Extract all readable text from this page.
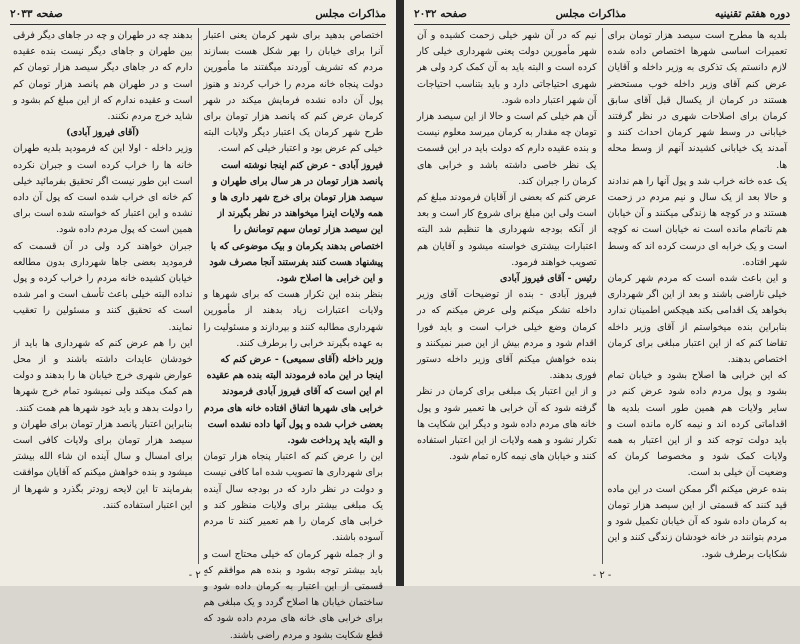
مذاکرات مجلس
صفحه ۲۰۳۳

اختصاص بدهید برای شهر کرمان یعنی اعتبار آنرا برای خیابان را بهر شکل هست بسازند مردم که تشریف آوردند میگفتند ما مأمورین دولت پنجاه خانه مردم را خراب کردند و هنوز پول آن داده نشده فرمایش میکند در شهر کرمان عرض کنم که پانصد هزار تومان برای طرح شهر کرمان یک اعتبار دیگر ولایات البته خیلی کم عرض بود و اعتبار خیلی کم است.

فیروز آبادی - عرض کنم اینجا نوشته است پانصد هزار تومان در هر سال برای طهران و سیصد هزار تومان برای خرج شهر داری ها و همه ولایات اینرا میخواهند در نظر بگیرند از این سیصد هزار تومان سهم تومانش را اختصاص بدهند بکرمان و بیک موضوعی که با پیشنهاد هست کنند بفرستند آنجا مصرف شود و این خرابی ها اصلاح شود.

بنظر بنده این تکرار هست که برای شهرها و ولایات اعتبارات زیاد بدهند از مأمورین شهرداری مطالبه کنند و بپردازند و مسئولیت را به عهده بگیرند خرابی را برطرف کنند.

وزیر داخله (آقای سمیعی) - عرض کنم که اینجا در این ماده فرمودند البته بنده هم عقیده ام این است که آقای فیروز آبادی فرمودند خرابی های شهرها اتفاق افتاده خانه های مردم بعضی خراب شده و پول آنها داده نشده است و البته باید پرداخت شود.

این را عرض کنم که اعتبار پنجاه هزار تومان برای شهرداری ها تصویب شده اما کافی نیست و دولت در نظر دارد که در بودجه سال آینده یک مبلغی بیشتر برای ولایات منظور کند و خرابی های کرمان را هم تعمیر کنند تا مردم آسوده باشند.

و از جمله شهر کرمان که خیلی محتاج است و باید بیشتر توجه بشود و بنده هم موافقم که قسمتی از این اعتبار به کرمان داده شود و ساختمان خیابان ها اصلاح گردد و یک مبلغی هم برای خرابی های خانه های مردم داده شود که قطع شکایت بشود و مردم راضی باشند.

بدهند چه در طهران و چه در جاهای دیگر فرقی بین طهران و جاهای دیگر نیست بنده عقیده دارم که در جاهای دیگر سیصد هزار تومان کم است و در طهران هم پانصد هزار تومان کم است و عقیده ندارم که از این مبلغ کم بشود و شاید خرج مردم نکنند.

(آقای فیروز آبادی)

وزیر داخله - اولا این که فرمودید بلدیه طهران خانه ها را خراب کرده است و جبران نکرده است این طور نیست اگر تحقیق بفرمائید خیلی کم خانه ای خراب شده است که پول آن داده نشده و این اعتبار که خواسته شده است برای همین است که پول مردم داده شود.

جبران خواهند کرد ولی در آن قسمت که فرمودید بعضی جاها شهرداری بدون مطالعه خیابان کشیده خانه مردم را خراب کرده و پول نداده البته خیلی باعث تأسف است و امر شده است که تحقیق کنند و مسئولین را تعقیب نمایند.

این را هم عرض کنم که شهرداری ها باید از خودشان عایدات داشته باشند و از محل عوارض شهری خرج خیابان ها را بدهند و دولت هم کمک میکند ولی نمیشود تمام خرج شهرها را دولت بدهد و باید خود شهرها هم همت کنند.

بنابراین اعتبار پانصد هزار تومان برای طهران و سیصد هزار تومان برای ولایات کافی است برای امسال و سال آینده ان شاء الله بیشتر میشود و بنده خواهش میکنم که آقایان موافقت بفرمایند تا این لایحه زودتر بگذرد و شهرها از این اعتبار استفاده کنند.

- ۲ -
دوره هفتم تقنینیه
مذاکرات مجلس
صفحه ۲۰۳۲

بلدیه ها مطرح است سیصد هزار تومان برای تعمیرات اساسی شهرها اختصاص داده شده لازم دانستم یک تذکری به وزیر داخله و آقایان عرض کنم آقای وزیر داخله خوب مستحضر هستند در کرمان از یکسال قبل آقای سابق کرمان برای اصلاحات شهری در نظر گرفتند خیابانی در وسط شهر کرمان احداث کنند و آمدند یک خیابانی کشیدند آنهم از وسط محله ها.

یک عده خانه خراب شد و پول آنها را هم ندادند و حالا بعد از یک سال و نیم مردم در زحمت هستند و در کوچه ها زندگی میکنند و آن خیابان هم ناتمام مانده است نه خیابان است نه کوچه است و یک خرابه ای درست کرده اند که وسط شهر افتاده.

و این باعث شده است که مردم شهر کرمان خیلی ناراضی باشند و بعد از این اگر شهرداری بخواهد یک اقدامی بکند هیچکس اطمینان ندارد بنابراین بنده میخواستم از آقای وزیر داخله تقاضا کنم که از این اعتبار مبلغی برای کرمان اختصاص بدهند.

که این خرابی ها اصلاح بشود و خیابان تمام بشود و پول مردم داده شود عرض کنم در سایر ولایات هم همین طور است بلدیه ها اقداماتی کرده اند و نیمه کاره مانده است و باید دولت توجه کند و از این اعتبار به همه ولایات کمک شود و مخصوصا کرمان که وضعیت آن خیلی بد است.

بنده عرض میکنم اگر ممکن است در این ماده قید کنند که قسمتی از این سیصد هزار تومان به کرمان داده شود که آن خیابان تکمیل شود و مردم بتوانند در خانه خودشان زندگی کنند و این شکایات برطرف شود.

نیم که در آن شهر خیلی زحمت کشیده و آن شهر مأمورین دولت یعنی شهرداری خیلی کار کرده است و البته باید به آن کمک کرد ولی هر شهری احتیاجاتی دارد و باید بتناسب احتیاجات آن شهر اعتبار داده شود.

آن هم خیلی کم است و حالا از این سیصد هزار تومان چه مقدار به کرمان میرسد معلوم نیست و بنده عقیده دارم که دولت باید در این قسمت یک نظر خاصی داشته باشد و خرابی های کرمان را جبران کند.

عرض کنم که بعضی از آقایان فرمودند مبلغ کم است ولی این مبلغ برای شروع کار است و بعد از آنکه بودجه شهرداری ها تنظیم شد البته اعتبارات بیشتری خواسته میشود و آقایان هم تصویب خواهند فرمود.

رئیس - آقای فیروز آبادی

فیروز آبادی - بنده از توضیحات آقای وزیر داخله تشکر میکنم ولی عرض میکنم که در کرمان وضع خیلی خراب است و باید فورا اقدام شود و مردم بیش از این صبر نمیکنند و بنده خواهش میکنم آقای وزیر داخله دستور فوری بدهند.

و از این اعتبار یک مبلغی برای کرمان در نظر گرفته شود که آن خرابی ها تعمیر شود و پول خانه های مردم داده شود و دیگر این شکایت ها تکرار نشود و همه ولایات از این اعتبار استفاده کنند و خیابان های نیمه کاره تمام شود.

- ۲ -
